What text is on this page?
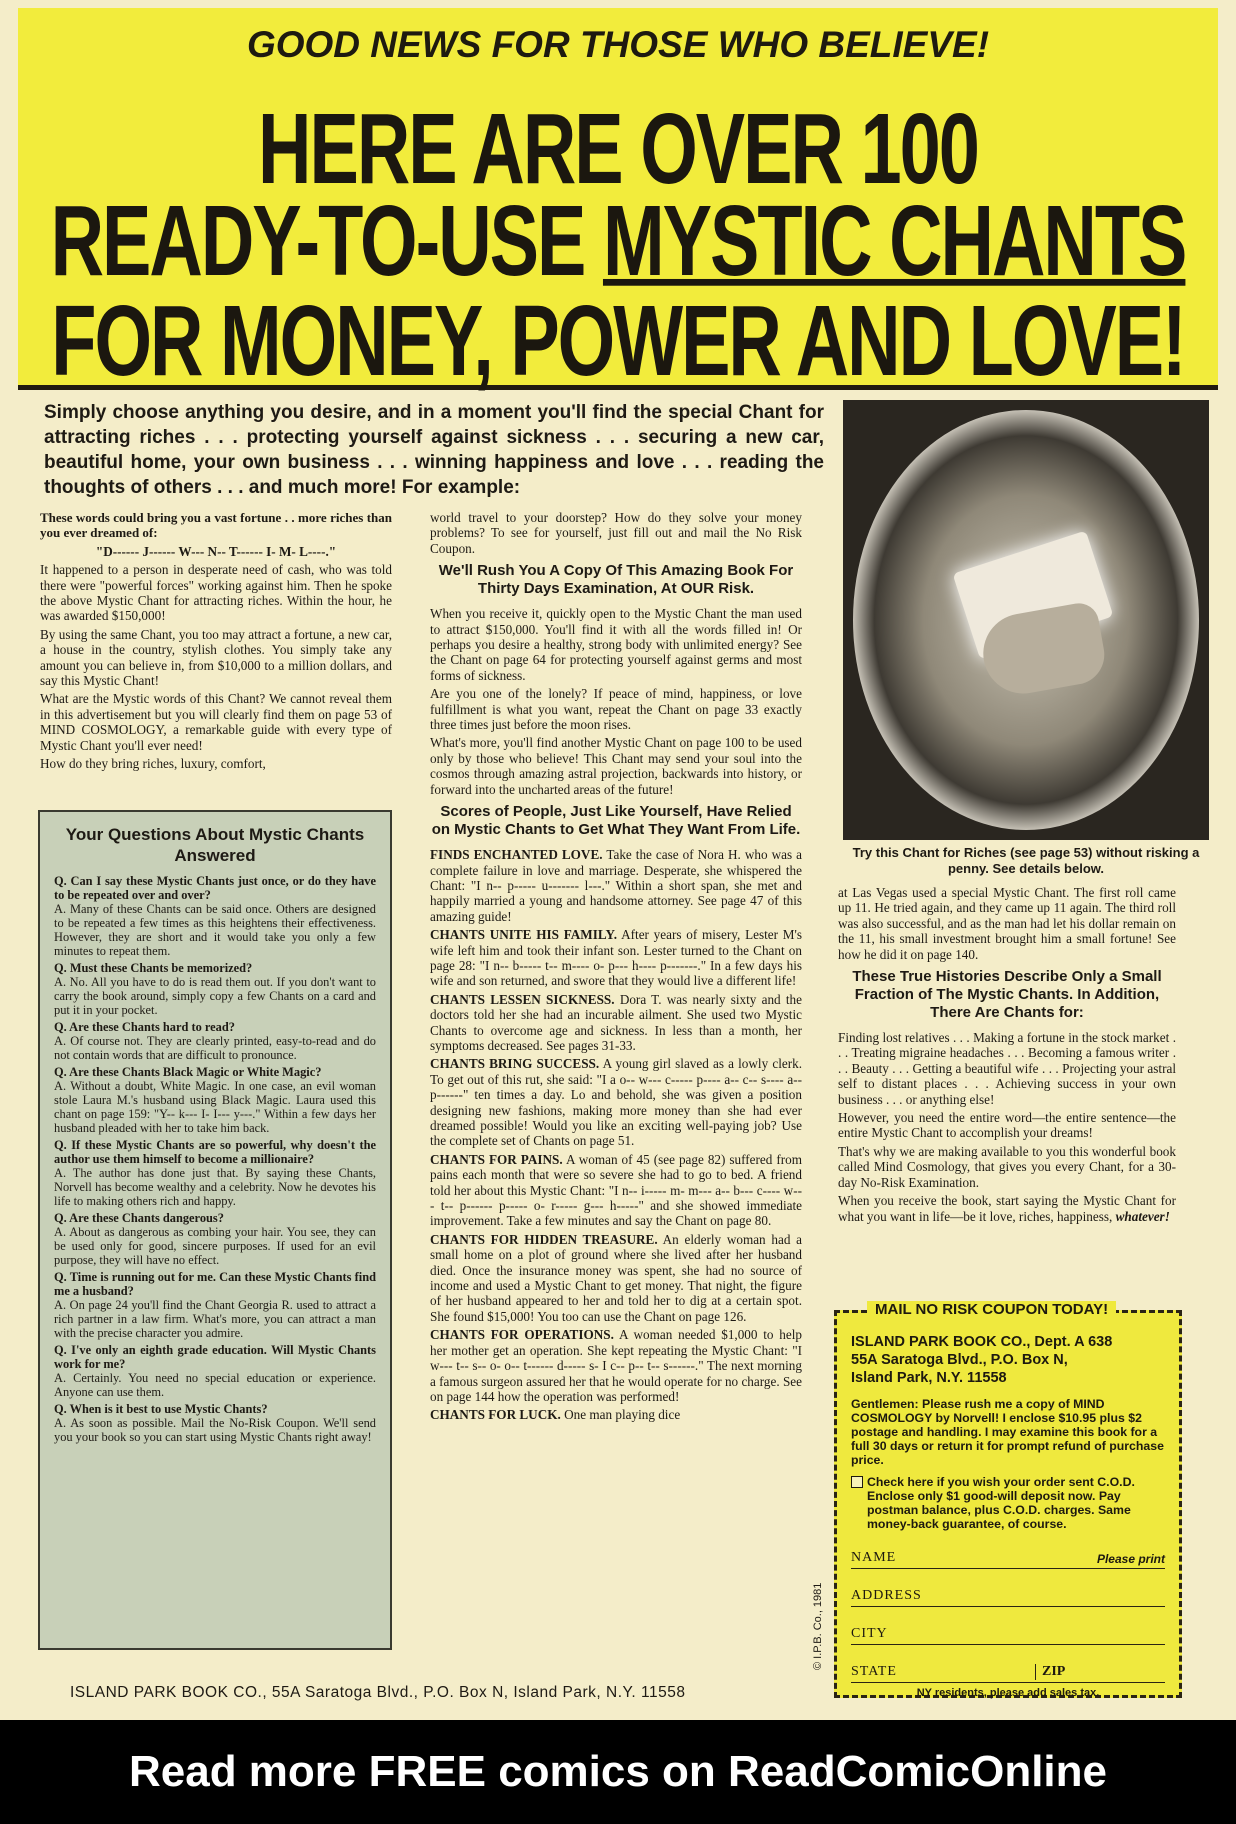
GOOD NEWS FOR THOSE WHO BELIEVE!
HERE ARE OVER 100
READY-TO-USE MYSTIC CHANTS
FOR MONEY, POWER AND LOVE!
Simply choose anything you desire, and in a moment you'll find the special Chant for attracting riches . . . protecting yourself against sickness . . . securing a new car, beautiful home, your own business . . . winning happiness and love . . . reading the thoughts of others . . . and much more! For example:

These words could bring you a vast fortune . . more riches than you ever dreamed of:

"D------ J------ W--- N-- T------ I- M- L----."

It happened to a person in desperate need of cash, who was told there were "powerful forces" working against him. Then he spoke the above Mystic Chant for attracting riches. Within the hour, he was awarded $150,000!

By using the same Chant, you too may attract a fortune, a new car, a house in the country, stylish clothes. You simply take any amount you can believe in, from $10,000 to a million dollars, and say this Mystic Chant!

What are the Mystic words of this Chant? We cannot reveal them in this advertisement but you will clearly find them on page 53 of MIND COSMOLOGY, a remarkable guide with every type of Mystic Chant you'll ever need!

How do they bring riches, luxury, comfort,

Your Questions About Mystic Chants Answered
Q. Can I say these Mystic Chants just once, or do they have to be repeated over and over?
A. Many of these Chants can be said once. Others are designed to be repeated a few times as this heightens their effectiveness. However, they are short and it would take you only a few minutes to repeat them.
Q. Must these Chants be memorized?
A. No. All you have to do is read them out. If you don't want to carry the book around, simply copy a few Chants on a card and put it in your pocket.
Q. Are these Chants hard to read?
A. Of course not. They are clearly printed, easy-to-read and do not contain words that are difficult to pronounce.
Q. Are these Chants Black Magic or White Magic?
A. Without a doubt, White Magic. In one case, an evil woman stole Laura M.'s husband using Black Magic. Laura used this chant on page 159: "Y-- k--- I- I--- y---." Within a few days her husband pleaded with her to take him back.
Q. If these Mystic Chants are so powerful, why doesn't the author use them himself to become a millionaire?
A. The author has done just that. By saying these Chants, Norvell has become wealthy and a celebrity. Now he devotes his life to making others rich and happy.
Q. Are these Chants dangerous?
A. About as dangerous as combing your hair. You see, they can be used only for good, sincere purposes. If used for an evil purpose, they will have no effect.
Q. Time is running out for me. Can these Mystic Chants find me a husband?
A. On page 24 you'll find the Chant Georgia R. used to attract a rich partner in a law firm. What's more, you can attract a man with the precise character you admire.
Q. I've only an eighth grade education. Will Mystic Chants work for me?
A. Certainly. You need no special education or experience. Anyone can use them.
Q. When is it best to use Mystic Chants?
A. As soon as possible. Mail the No-Risk Coupon. We'll send you your book so you can start using Mystic Chants right away!

world travel to your doorstep? How do they solve your money problems? To see for yourself, just fill out and mail the No Risk Coupon.

We'll Rush You A Copy Of This Amazing Book For Thirty Days Examination, At OUR Risk.

When you receive it, quickly open to the Mystic Chant the man used to attract $150,000. You'll find it with all the words filled in! Or perhaps you desire a healthy, strong body with unlimited energy? See the Chant on page 64 for protecting yourself against germs and most forms of sickness.

Are you one of the lonely? If peace of mind, happiness, or love fulfillment is what you want, repeat the Chant on page 33 exactly three times just before the moon rises.

What's more, you'll find another Mystic Chant on page 100 to be used only by those who believe! This Chant may send your soul into the cosmos through amazing astral projection, backwards into history, or forward into the uncharted areas of the future!

Scores of People, Just Like Yourself, Have Relied on Mystic Chants to Get What They Want From Life.

FINDS ENCHANTED LOVE. Take the case of Nora H. who was a complete failure in love and marriage. Desperate, she whispered the Chant: "I n-- p----- u------- l---." Within a short span, she met and happily married a young and handsome attorney. See page 47 of this amazing guide!

CHANTS UNITE HIS FAMILY. After years of misery, Lester M's wife left him and took their infant son. Lester turned to the Chant on page 28: "I n-- b----- t-- m---- o- p--- h---- p-------." In a few days his wife and son returned, and swore that they would live a different life!

CHANTS LESSEN SICKNESS. Dora T. was nearly sixty and the doctors told her she had an incurable ailment. She used two Mystic Chants to overcome age and sickness. In less than a month, her symptoms decreased. See pages 31-33.

CHANTS BRING SUCCESS. A young girl slaved as a lowly clerk. To get out of this rut, she said: "I a o-- w--- c----- p---- a-- c-- s---- a-- p------" ten times a day. Lo and behold, she was given a position designing new fashions, making more money than she had ever dreamed possible! Would you like an exciting well-paying job? Use the complete set of Chants on page 51.

CHANTS FOR PAINS. A woman of 45 (see page 82) suffered from pains each month that were so severe she had to go to bed. A friend told her about this Mystic Chant: "I n-- i----- m- m--- a-- b--- c---- w--- t-- p------ p----- o- r----- g--- h-----" and she showed immediate improvement. Take a few minutes and say the Chant on page 80.

CHANTS FOR HIDDEN TREASURE. An elderly woman had a small home on a plot of ground where she lived after her husband died. Once the insurance money was spent, she had no source of income and used a Mystic Chant to get money. That night, the figure of her husband appeared to her and told her to dig at a certain spot. She found $15,000! You too can use the Chant on page 126.

CHANTS FOR OPERATIONS. A woman needed $1,000 to help her mother get an operation. She kept repeating the Mystic Chant: "I w--- t-- s-- o- o-- t------ d----- s- I c-- p-- t-- s------." The next morning a famous surgeon assured her that he would operate for no charge. See on page 144 how the operation was performed!

CHANTS FOR LUCK. One man playing dice

Try this Chant for Riches (see page 53) without risking a penny. See details below.

at Las Vegas used a special Mystic Chant. The first roll came up 11. He tried again, and they came up 11 again. The third roll was also successful, and as the man had let his dollar remain on the 11, his small investment brought him a small fortune! See how he did it on page 140.

These True Histories Describe Only a Small Fraction of The Mystic Chants. In Addition, There Are Chants for:

Finding lost relatives . . . Making a fortune in the stock market . . . Treating migraine headaches . . . Becoming a famous writer . . . Beauty . . . Getting a beautiful wife . . . Projecting your astral self to distant places . . . Achieving success in your own business . . . or anything else!

However, you need the entire word—the entire sentence—the entire Mystic Chant to accomplish your dreams!

That's why we are making available to you this wonderful book called Mind Cosmology, that gives you every Chant, for a 30-day No-Risk Examination.

When you receive the book, start saying the Mystic Chant for what you want in life—be it love, riches, happiness, whatever!

MAIL NO RISK COUPON TODAY!
ISLAND PARK BOOK CO., Dept. A 638
55A Saratoga Blvd., P.O. Box N,
Island Park, N.Y. 11558
Gentlemen: Please rush me a copy of MIND COSMOLOGY by Norvell! I enclose $10.95 plus $2 postage and handling. I may examine this book for a full 30 days or return it for prompt refund of purchase price.
Check here if you wish your order sent C.O.D. Enclose only $1 good-will deposit now. Pay postman balance, plus C.O.D. charges. Same money-back guarantee, of course.
NAME	Please print
ADDRESS
CITY
STATE	ZIP
NY residents, please add sales tax.
© I.P.B. Co., 1981
ISLAND PARK BOOK CO., 55A Saratoga Blvd., P.O. Box N, Island Park, N.Y. 11558
Read more FREE comics on ReadComicOnline
